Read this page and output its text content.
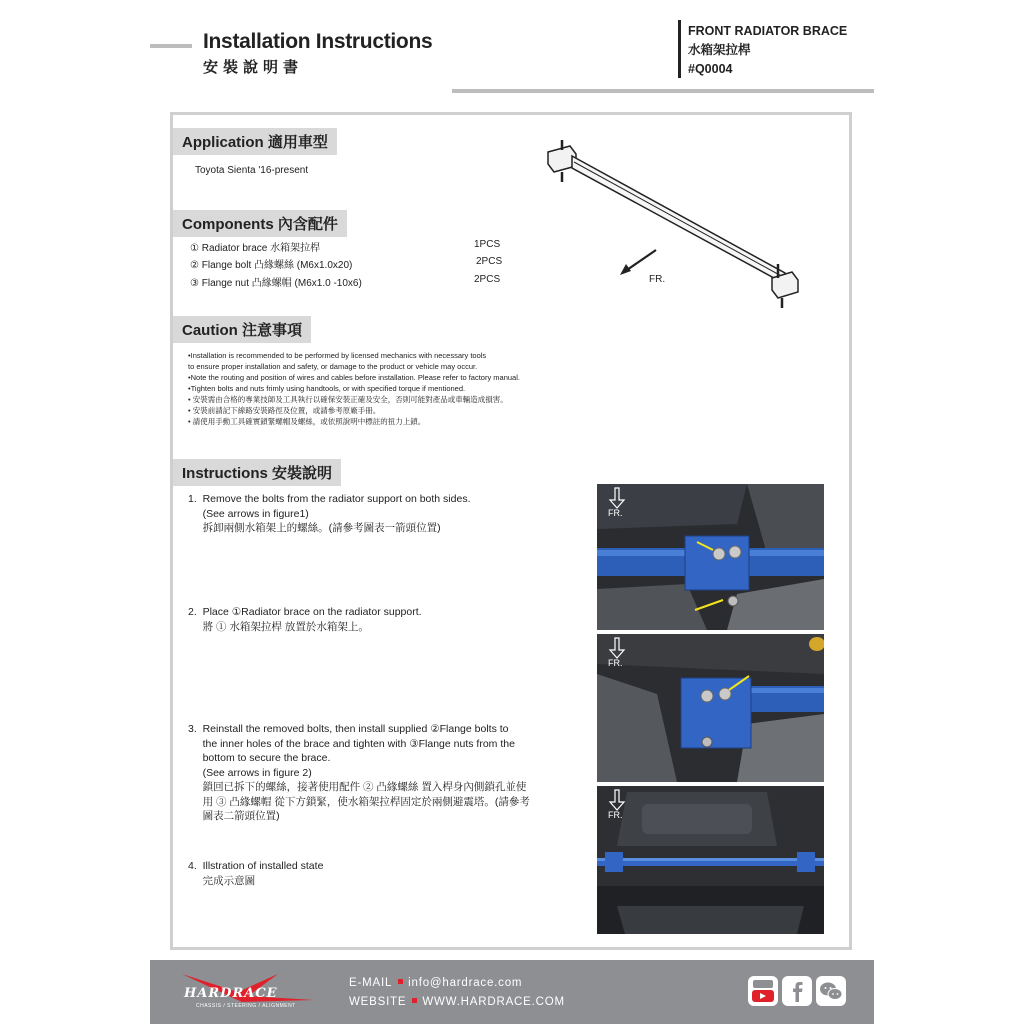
Installation Instructions
安裝說明書
FRONT RADIATOR BRACE
水箱架拉桿
#Q0004
Application 適用車型
Toyota Sienta '16-present
Components 內含配件
① Radiator brace 水箱架拉桿	1PCS
② Flange bolt 凸緣螺絲 (M6x1.0x20)	2PCS
③ Flange nut 凸緣螺帽 (M6x1.0 -10x6)	2PCS	FR.
Caution 注意事項
•Installation is recommended to be performed by licensed mechanics with necessary tools
to ensure proper installation and safety, or damage to the product or vehicle may occur.
•Note the routing and position of wires and cables before installation. Please refer to factory manual.
•Tighten bolts and nuts frimly using handtools, or with specified torque if mentioned.
• 安裝需由合格的專業技師及工具執行以確保安裝正確及安全，否則可能對產品或車輛造成損害。
• 安裝前請記下線路安裝路徑及位置，或請參考原廠手冊。
• 請使用手動工具確實鎖緊螺帽及螺絲，或依照說明中標註的扭力上鎖。
Instructions 安裝說明
1.  Remove the bolts from the radiator support on both sides.
(See arrows in figure1)
拆卸兩側水箱架上的螺絲。(請參考圖表一箭頭位置)
2.  Place ①Radiator brace on the radiator support.
將 ① 水箱架拉桿 放置於水箱架上。
3.  Reinstall the removed bolts, then install supplied ②Flange bolts to
the inner holes of the brace and tighten with ③Flange nuts from the
bottom to secure the brace.
(See arrows in figure 2)
鎖回已拆下的螺絲，接著使用配件 ② 凸緣螺絲 置入桿身內側鎖孔並使
用 ③ 凸緣螺帽 從下方鎖緊，使水箱架拉桿固定於兩側避震塔。(請參考
圖表二箭頭位置)
4.  Illstration of installed state
完成示意圖
FR.
FR.
FR.
HARDRACE
CHASSIS / STEERING / ALIGNMENT
E-MAIL info@hardrace.com
WEBSITE WWW.HARDRACE.COM
